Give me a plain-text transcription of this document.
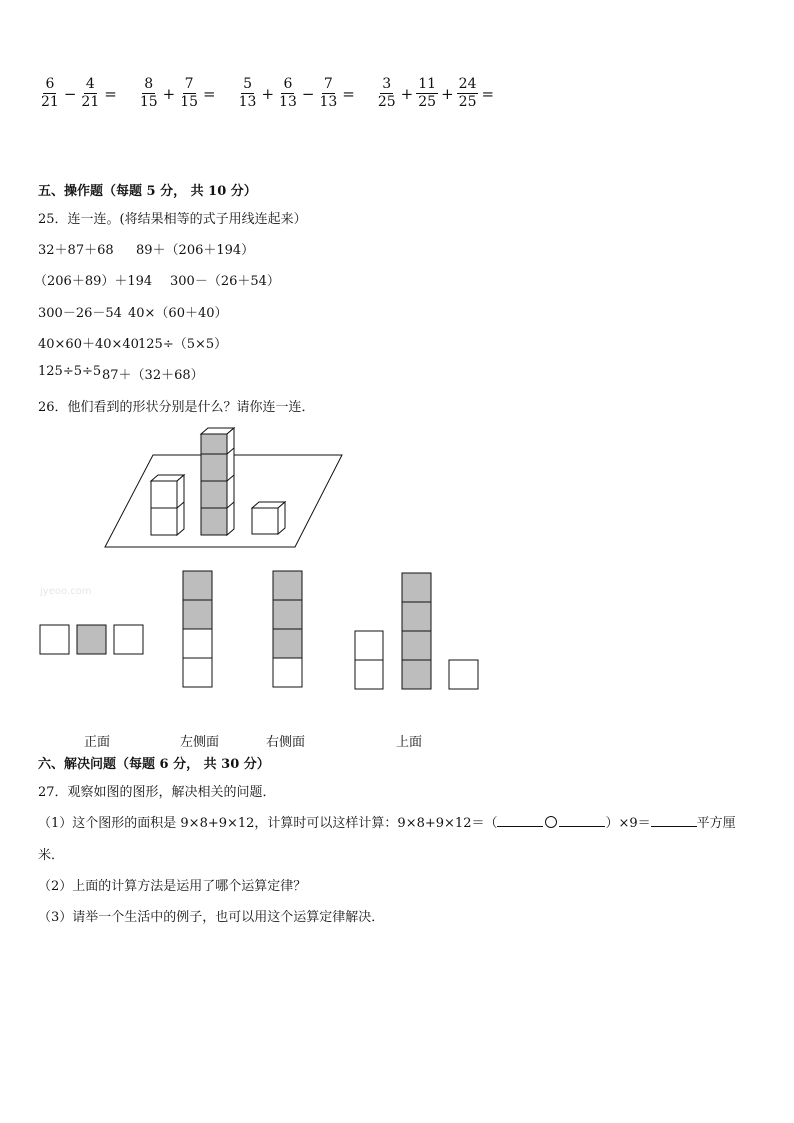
$\frac{6}{21} - \frac{4}{21} = \frac{8}{15} + \frac{7}{15} = \frac{5}{13} + \frac{6}{13} - \frac{7}{13} = \frac{3}{25} + \frac{11}{25} + \frac{24}{25}$ =
五、操作题（每题 5 分， 共 10 分）
25．连一连。(将结果相等的式子用线连起来）
32＋87＋68 89＋（206＋194）
（206＋89）＋194 300－（26＋54）
300－26－54 40×（60＋40）
40×60＋40×40 125÷（5×5）
125÷5÷5 87＋（32＋68）
26．他们看到的形状分别是什么？请你连一连．
jyeoo.com
正面	左侧面	右侧面	上面
六、解决问题（每题 6 分， 共 30 分）
27．观察如图的图形，解决相关的问题．
（1）这个图形的面积是 9×8+9×12，计算时可以这样计算：9×8+9×12＝（	）×9＝	平方厘
米．
（2）上面的计算方法是运用了哪个运算定律？
（3）请举一个生活中的例子，也可以用这个运算定律解决．
